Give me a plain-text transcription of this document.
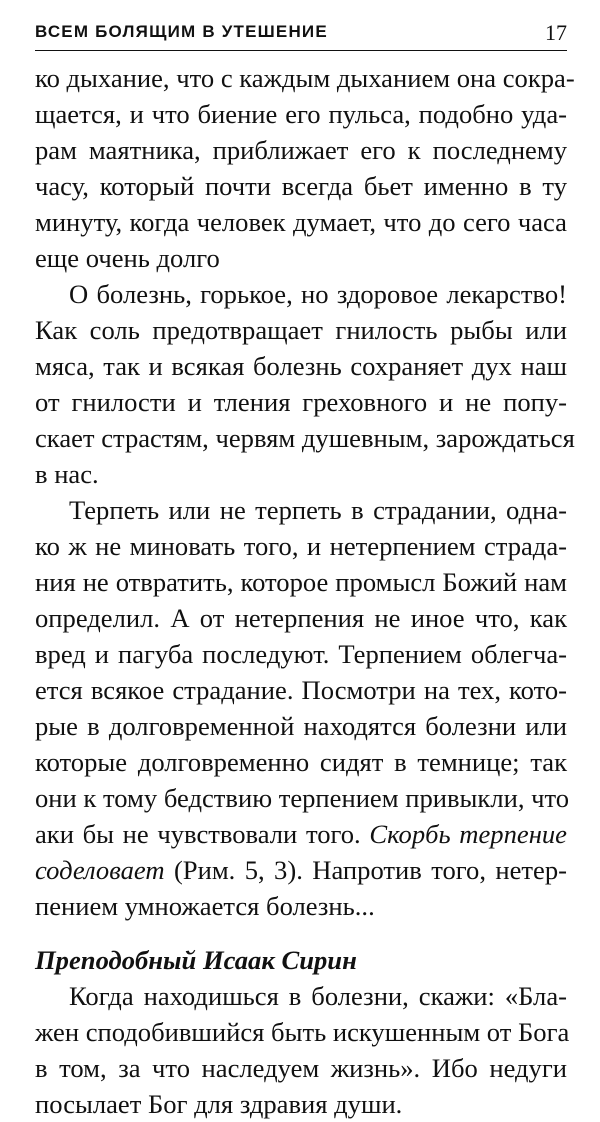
ВСЕМ БОЛЯЩИМ В УТЕШЕНИЕ	17
ко дыхание, что с каждым дыханием она сокра-
щается, и что биение его пульса, подобно уда-
рам маятника, приближает его к последнему
часу, который почти всегда бьет именно в ту
минуту, когда человек думает, что до сего часа
еще очень долго
О болезнь, горькое, но здоровое лекарство!
Как соль предотвращает гнилость рыбы или
мяса, так и всякая болезнь сохраняет дух наш
от гнилости и тления греховного и не попу-
скает страстям, червям душевным, зарождаться
в нас.
Терпеть или не терпеть в страдании, одна-
ко ж не миновать того, и нетерпением страда-
ния не отвратить, которое промысл Божий нам
определил. А от нетерпения не иное что, как
вред и пагуба последуют. Терпением облегча-
ется всякое страдание. Посмотри на тех, кото-
рые в долговременной находятся болезни или
которые долговременно сидят в темнице; так
они к тому бедствию терпением привыкли, что
аки бы не чувствовали того. Скорбь терпение
соделовает (Рим. 5, 3). Напротив того, нетер-
пением умножается болезнь...
Преподобный Исаак Сирин
Когда находишься в болезни, скажи: «Бла-
жен сподобившийся быть искушенным от Бога
в том, за что наследуем жизнь». Ибо недуги
посылает Бог для здравия души.
